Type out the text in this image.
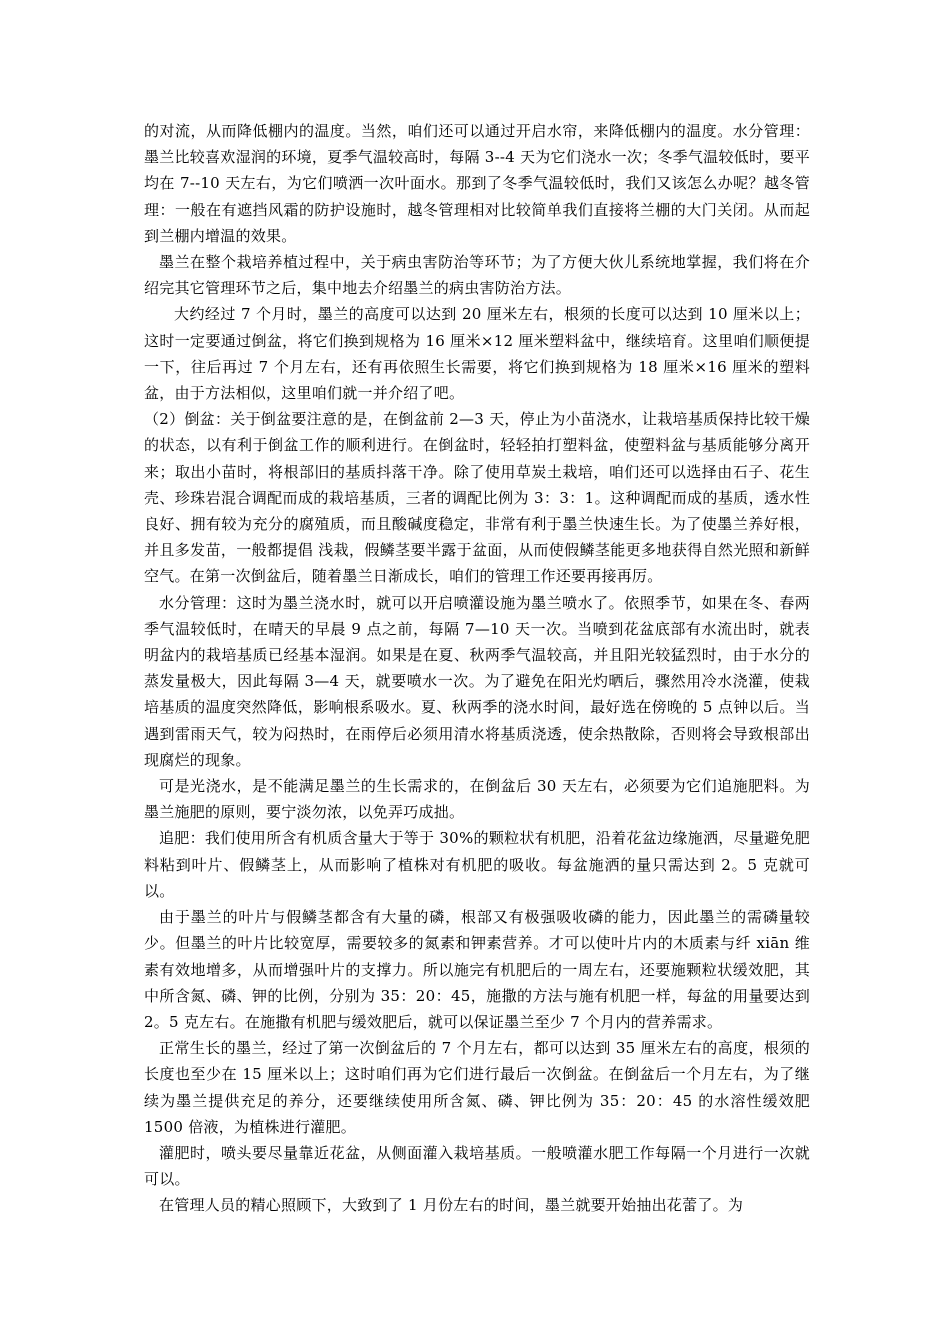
的对流，从而降低棚内的温度。当然，咱们还可以通过开启水帘，来降低棚内的温度。水分管理：墨兰比较喜欢湿润的环境，夏季气温较高时，每隔 3--4 天为它们浇水一次；冬季气温较低时，要平均在 7--10 天左右，为它们喷洒一次叶面水。那到了冬季气温较低时，我们又该怎么办呢？越冬管理：一般在有遮挡风霜的防护设施时，越冬管理相对比较简单我们直接将兰棚的大门关闭。从而起到兰棚内增温的效果。

墨兰在整个栽培养植过程中，关于病虫害防治等环节；为了方便大伙儿系统地掌握，我们将在介绍完其它管理环节之后，集中地去介绍墨兰的病虫害防治方法。

大约经过 7 个月时，墨兰的高度可以达到 20 厘米左右，根须的长度可以达到 10 厘米以上；这时一定要通过倒盆，将它们换到规格为 16 厘米×12 厘米塑料盆中，继续培育。这里咱们顺便提一下，往后再过 7 个月左右，还有再依照生长需要，将它们换到规格为 18 厘米×16 厘米的塑料盆，由于方法相似，这里咱们就一并介绍了吧。

（2）倒盆：关于倒盆要注意的是，在倒盆前 2—3 天，停止为小苗浇水，让栽培基质保持比较干燥的状态，以有利于倒盆工作的顺利进行。在倒盆时，轻轻拍打塑料盆，使塑料盆与基质能够分离开来；取出小苗时，将根部旧的基质抖落干净。除了使用草炭土栽培，咱们还可以选择由石子、花生壳、珍珠岩混合调配而成的栽培基质，三者的调配比例为 3：3：1。这种调配而成的基质，透水性良好、拥有较为充分的腐殖质，而且酸碱度稳定，非常有利于墨兰快速生长。为了使墨兰养好根，并且多发苗，一般都提倡 浅栽，假鳞茎要半露于盆面，从而使假鳞茎能更多地获得自然光照和新鲜空气。在第一次倒盆后，随着墨兰日渐成长，咱们的管理工作还要再接再厉。

水分管理：这时为墨兰浇水时，就可以开启喷灌设施为墨兰喷水了。依照季节，如果在冬、春两季气温较低时，在晴天的早晨 9 点之前，每隔 7—10 天一次。当喷到花盆底部有水流出时，就表明盆内的栽培基质已经基本湿润。如果是在夏、秋两季气温较高，并且阳光较猛烈时，由于水分的蒸发量极大，因此每隔 3—4 天，就要喷水一次。为了避免在阳光灼晒后，骤然用冷水浇灌，使栽培基质的温度突然降低，影响根系吸水。夏、秋两季的浇水时间，最好选在傍晚的 5 点钟以后。当遇到雷雨天气，较为闷热时，在雨停后必须用清水将基质浇透，使余热散除，否则将会导致根部出现腐烂的现象。

可是光浇水，是不能满足墨兰的生长需求的，在倒盆后 30 天左右，必须要为它们追施肥料。为墨兰施肥的原则，要宁淡勿浓，以免弄巧成拙。

追肥：我们使用所含有机质含量大于等于 30%的颗粒状有机肥，沿着花盆边缘施洒，尽量避免肥料粘到叶片、假鳞茎上，从而影响了植株对有机肥的吸收。每盆施洒的量只需达到 2。5 克就可以。

由于墨兰的叶片与假鳞茎都含有大量的磷，根部又有极强吸收磷的能力，因此墨兰的需磷量较少。但墨兰的叶片比较宽厚，需要较多的氮素和钾素营养。才可以使叶片内的木质素与纤 xiān 维素有效地增多，从而增强叶片的支撑力。所以施完有机肥后的一周左右，还要施颗粒状缓效肥，其中所含氮、磷、钾的比例，分别为 35：20：45，施撒的方法与施有机肥一样，每盆的用量要达到 2。5 克左右。在施撒有机肥与缓效肥后，就可以保证墨兰至少 7 个月内的营养需求。

正常生长的墨兰，经过了第一次倒盆后的 7 个月左右，都可以达到 35 厘米左右的高度，根须的长度也至少在 15 厘米以上；这时咱们再为它们进行最后一次倒盆。在倒盆后一个月左右，为了继续为墨兰提供充足的养分，还要继续使用所含氮、磷、钾比例为 35：20：45 的水溶性缓效肥 1500 倍液，为植株进行灌肥。

灌肥时，喷头要尽量靠近花盆，从侧面灌入栽培基质。一般喷灌水肥工作每隔一个月进行一次就可以。

在管理人员的精心照顾下，大致到了 1 月份左右的时间，墨兰就要开始抽出花蕾了。为
